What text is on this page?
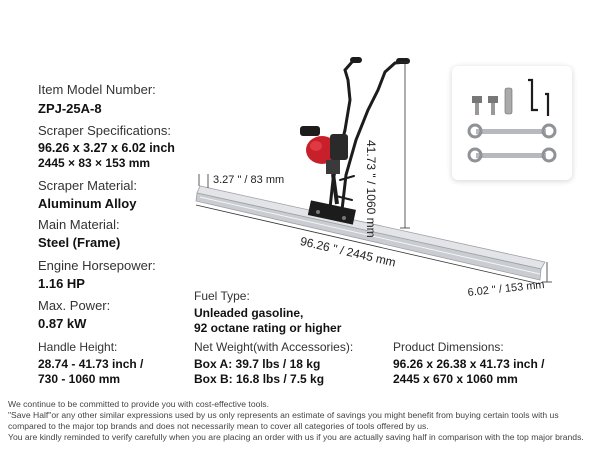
Item Model Number:
ZPJ-25A-8
Scraper Specifications:
96.26 x 3.27 x 6.02 inch
2445 × 83 × 153 mm
Scraper Material:
Aluminum Alloy
Main Material:
Steel (Frame)
Engine Horsepower:
1.16 HP
Max. Power:
0.87 kW
Handle Height:
28.74 - 41.73 inch /
730 - 1060 mm
Fuel Type:
Unleaded gasoline,
92 octane rating or higher
Net Weight(with Accessories):
Box A: 39.7 lbs / 18 kg
Box B: 16.8 lbs / 7.5 kg
Product Dimensions:
96.26 x 26.38 x 41.73 inch /
2445 x 670 x 1060 mm
3.27 " / 83 mm	41.73 " / 1060 mm
96.26 " / 2445 mm
6.02 " / 153 mm
We continue to be committed to provide you with cost-effective tools.
"Save Half"or any other similar expressions used by us only represents an estimate of savings you might benefit from buying certain tools with us
compared to the major top brands and does not necessarily mean to cover all categories of tools offered by us.
You are kindly reminded to verify carefully when you are placing an order with us if you are actually saving half in comparison with the top major brands.
